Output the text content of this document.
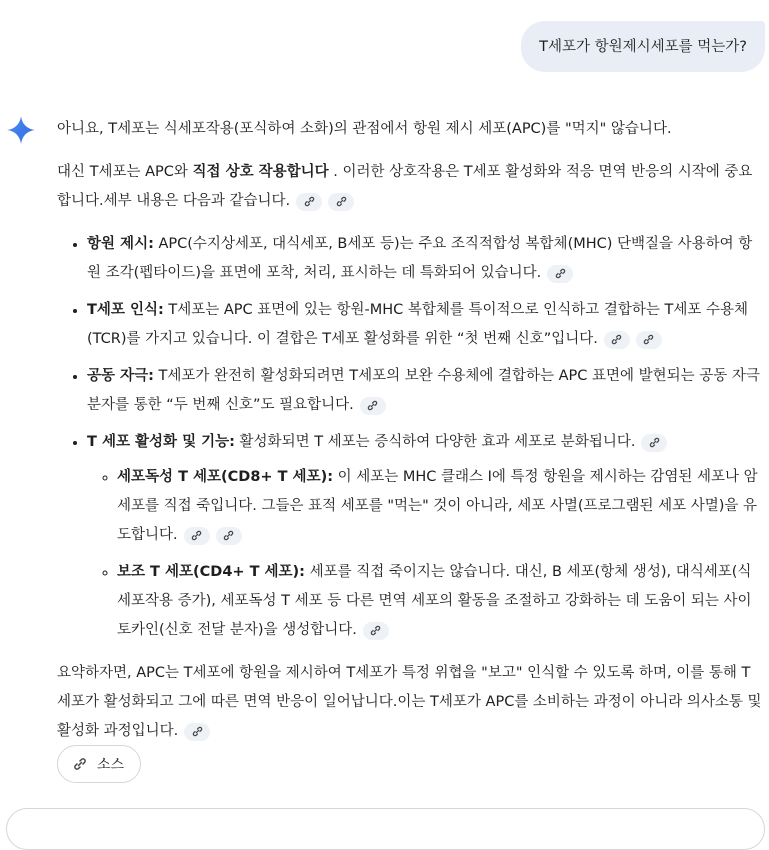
T세포가 항원제시세포를 먹는가?

아니요, T세포는 식세포작용(포식하여 소화)의 관점에서 항원 제시 세포(APC)를 "먹지" 않습니다.

대신 T세포는 APC와 직접 상호 작용합니다 . 이러한 상호작용은 T세포 활성화와 적응 면역 반응의 시작에 중요합니다.세부 내용은 다음과 같습니다.

• 항원 제시: APC(수지상세포, 대식세포, B세포 등)는 주요 조직적합성 복합체(MHC) 단백질을 사용하여 항원 조각(펩타이드)을 표면에 포착, 처리, 표시하는 데 특화되어 있습니다.
• T세포 인식: T세포는 APC 표면에 있는 항원-MHC 복합체를 특이적으로 인식하고 결합하는 T세포 수용체(TCR)를 가지고 있습니다. 이 결합은 T세포 활성화를 위한 “첫 번째 신호”입니다.
• 공동 자극: T세포가 완전히 활성화되려면 T세포의 보완 수용체에 결합하는 APC 표면에 발현되는 공동 자극 분자를 통한 “두 번째 신호”도 필요합니다.
• T 세포 활성화 및 기능: 활성화되면 T 세포는 증식하여 다양한 효과 세포로 분화됩니다.
◦ 세포독성 T 세포(CD8+ T 세포): 이 세포는 MHC 클래스 I에 특정 항원을 제시하는 감염된 세포나 암세포를 직접 죽입니다. 그들은 표적 세포를 "먹는" 것이 아니라, 세포 사멸(프로그램된 세포 사멸)을 유도합니다.
◦ 보조 T 세포(CD4+ T 세포): 세포를 직접 죽이지는 않습니다. 대신, B 세포(항체 생성), 대식세포(식세포작용 증가), 세포독성 T 세포 등 다른 면역 세포의 활동을 조절하고 강화하는 데 도움이 되는 사이토카인(신호 전달 분자)을 생성합니다.

요약하자면, APC는 T세포에 항원을 제시하여 T세포가 특정 위협을 "보고" 인식할 수 있도록 하며, 이를 통해 T세포가 활성화되고 그에 따른 면역 반응이 일어납니다.이는 T세포가 APC를 소비하는 과정이 아니라 의사소통 및 활성화 과정입니다.

소스
